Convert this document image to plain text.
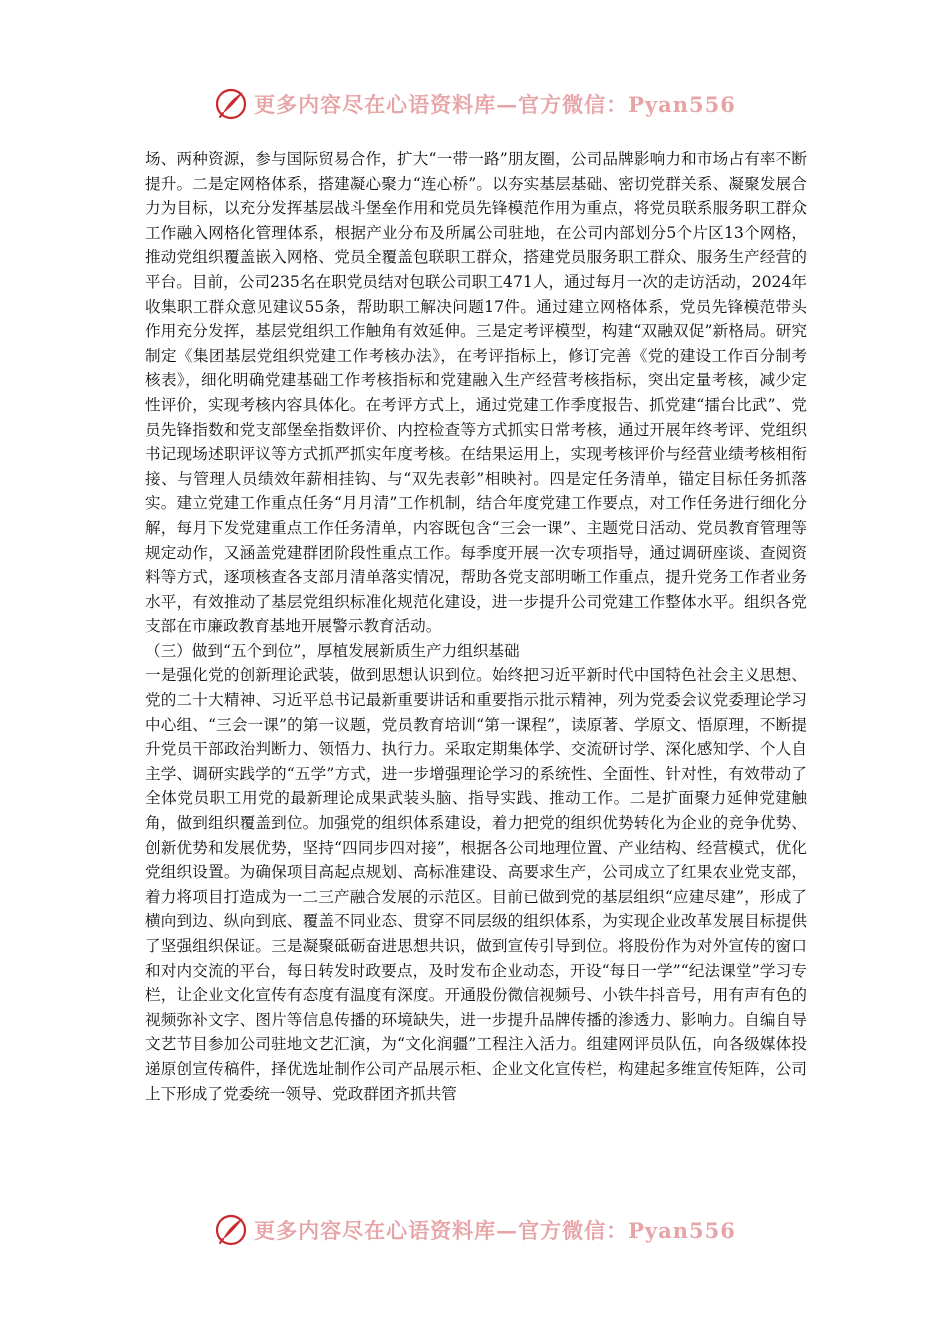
更多内容尽在心语资料库—官方微信：Pyan556

场、两种资源，参与国际贸易合作，扩大“一带一路”朋友圈，公司品牌影响力和市场占有率不断提升。二是定网格体系，搭建凝心聚力“连心桥”。以夯实基层基础、密切党群关系、凝聚发展合力为目标，以充分发挥基层战斗堡垒作用和党员先锋模范作用为重点，将党员联系服务职工群众工作融入网格化管理体系，根据产业分布及所属公司驻地，在公司内部划分5个片区13个网格，推动党组织覆盖嵌入网格、党员全覆盖包联职工群众，搭建党员服务职工群众、服务生产经营的平台。目前，公司235名在职党员结对包联公司职工471人，通过每月一次的走访活动，2024年收集职工群众意见建议55条，帮助职工解决问题17件。通过建立网格体系，党员先锋模范带头作用充分发挥，基层党组织工作触角有效延伸。三是定考评模型，构建“双融双促”新格局。研究制定《集团基层党组织党建工作考核办法》，在考评指标上，修订完善《党的建设工作百分制考核表》，细化明确党建基础工作考核指标和党建融入生产经营考核指标，突出定量考核，减少定性评价，实现考核内容具体化。在考评方式上，通过党建工作季度报告、抓党建“擂台比武”、党员先锋指数和党支部堡垒指数评价、内控检查等方式抓实日常考核，通过开展年终考评、党组织书记现场述职评议等方式抓严抓实年度考核。在结果运用上，实现考核评价与经营业绩考核相衔接、与管理人员绩效年薪相挂钩、与“双先表彰”相映衬。四是定任务清单，锚定目标任务抓落实。建立党建工作重点任务“月月清”工作机制，结合年度党建工作要点，对工作任务进行细化分解，每月下发党建重点工作任务清单，内容既包含“三会一课”、主题党日活动、党员教育管理等规定动作，又涵盖党建群团阶段性重点工作。每季度开展一次专项指导，通过调研座谈、查阅资料等方式，逐项核查各支部月清单落实情况，帮助各党支部明晰工作重点，提升党务工作者业务水平，有效推动了基层党组织标准化规范化建设，进一步提升公司党建工作整体水平。组织各党支部在市廉政教育基地开展警示教育活动。

（三）做到“五个到位”，厚植发展新质生产力组织基础

一是强化党的创新理论武装，做到思想认识到位。始终把习近平新时代中国特色社会主义思想、党的二十大精神、习近平总书记最新重要讲话和重要指示批示精神，列为党委会议党委理论学习中心组、“三会一课”的第一议题，党员教育培训“第一课程”，读原著、学原文、悟原理，不断提升党员干部政治判断力、领悟力、执行力。采取定期集体学、交流研讨学、深化感知学、个人自主学、调研实践学的“五学”方式，进一步增强理论学习的系统性、全面性、针对性，有效带动了全体党员职工用党的最新理论成果武装头脑、指导实践、推动工作。二是扩面聚力延伸党建触角，做到组织覆盖到位。加强党的组织体系建设，着力把党的组织优势转化为企业的竞争优势、创新优势和发展优势，坚持“四同步四对接”，根据各公司地理位置、产业结构、经营模式，优化党组织设置。为确保项目高起点规划、高标准建设、高要求生产，公司成立了红果农业党支部，着力将项目打造成为一二三产融合发展的示范区。目前已做到党的基层组织“应建尽建”，形成了横向到边、纵向到底、覆盖不同业态、贯穿不同层级的组织体系，为实现企业改革发展目标提供了坚强组织保证。三是凝聚砥砺奋进思想共识，做到宣传引导到位。将股份作为对外宣传的窗口和对内交流的平台，每日转发时政要点，及时发布企业动态，开设“每日一学”“纪法课堂”学习专栏，让企业文化宣传有态度有温度有深度。开通股份微信视频号、小铁牛抖音号，用有声有色的视频弥补文字、图片等信息传播的环境缺失，进一步提升品牌传播的渗透力、影响力。自编自导文艺节目参加公司驻地文艺汇演，为“文化润疆”工程注入活力。组建网评员队伍，向各级媒体投递原创宣传稿件，择优选址制作公司产品展示柜、企业文化宣传栏，构建起多维宣传矩阵，公司上下形成了党委统一领导、党政群团齐抓共管

更多内容尽在心语资料库—官方微信：Pyan556
